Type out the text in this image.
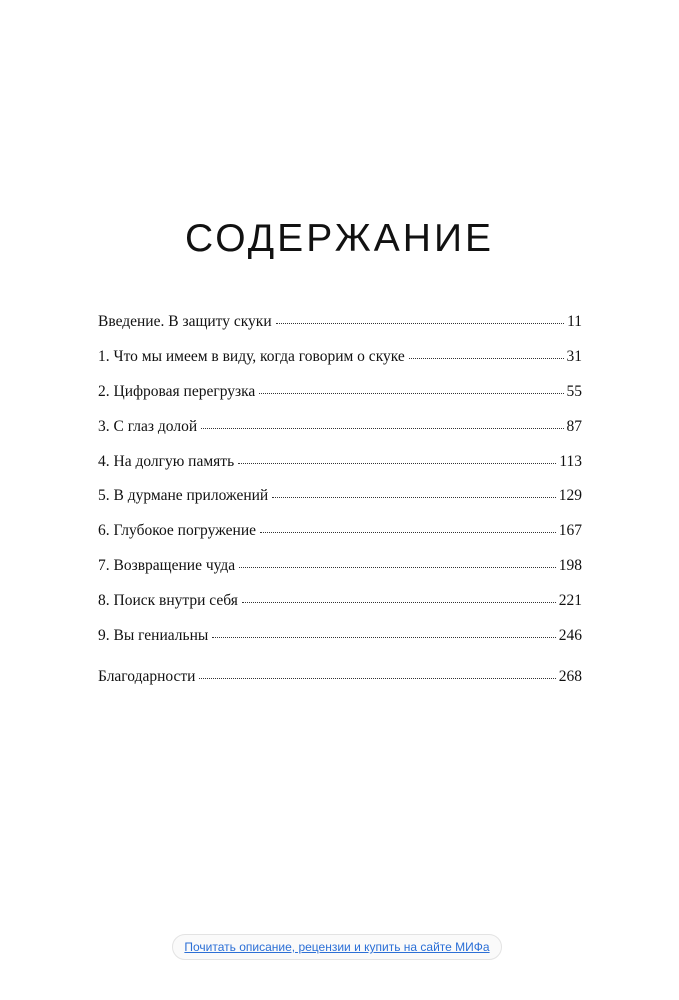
СОДЕРЖАНИЕ
Введение. В защиту скуки	11
1. Что мы имеем в виду, когда говорим о скуке	31
2. Цифровая перегрузка	55
3. С глаз долой	87
4. На долгую память	113
5. В дурмане приложений	129
6. Глубокое погружение	167
7. Возвращение чуда	198
8. Поиск внутри себя	221
9. Вы гениальны	246
Благодарности	268
Почитать описание, рецензии и купить на сайте МИФа
